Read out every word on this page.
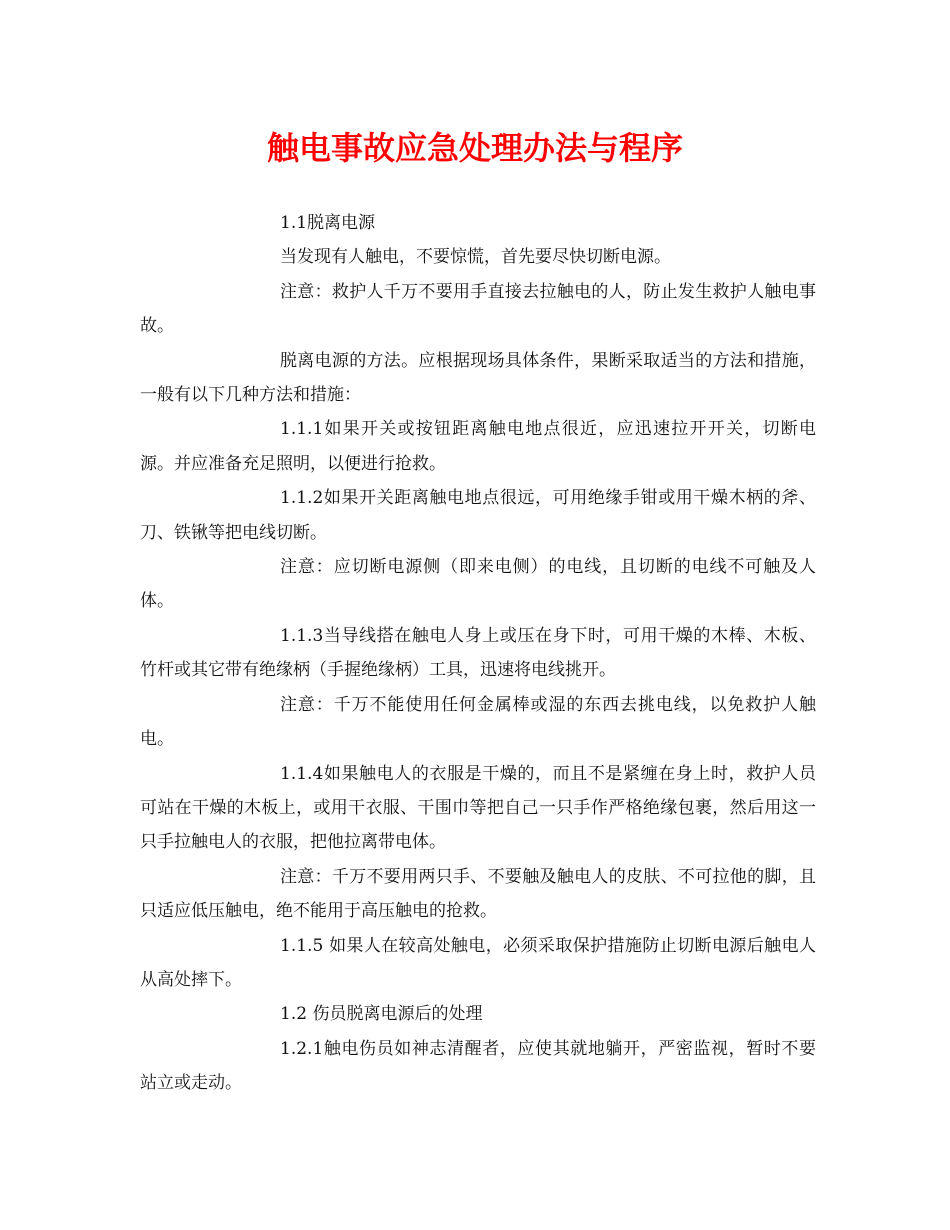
触电事故应急处理办法与程序

1.1脱离电源

当发现有人触电，不要惊慌，首先要尽快切断电源。

注意：救护人千万不要用手直接去拉触电的人，防止发生救护人触电事故。

脱离电源的方法。应根据现场具体条件，果断采取适当的方法和措施，一般有以下几种方法和措施：

1.1.1如果开关或按钮距离触电地点很近，应迅速拉开开关，切断电源。并应准备充足照明，以便进行抢救。

1.1.2如果开关距离触电地点很远，可用绝缘手钳或用干燥木柄的斧、刀、铁锹等把电线切断。

注意：应切断电源侧（即来电侧）的电线，且切断的电线不可触及人体。

1.1.3当导线搭在触电人身上或压在身下时，可用干燥的木棒、木板、竹杆或其它带有绝缘柄（手握绝缘柄）工具，迅速将电线挑开。

注意：千万不能使用任何金属棒或湿的东西去挑电线，以免救护人触电。

1.1.4如果触电人的衣服是干燥的，而且不是紧缠在身上时，救护人员可站在干燥的木板上，或用干衣服、干围巾等把自己一只手作严格绝缘包裹，然后用这一只手拉触电人的衣服，把他拉离带电体。

注意：千万不要用两只手、不要触及触电人的皮肤、不可拉他的脚，且只适应低压触电，绝不能用于高压触电的抢救。

1.1.5 如果人在较高处触电，必须采取保护措施防止切断电源后触电人从高处摔下。

1.2 伤员脱离电源后的处理

1.2.1触电伤员如神志清醒者，应使其就地躺开，严密监视，暂时不要站立或走动。
